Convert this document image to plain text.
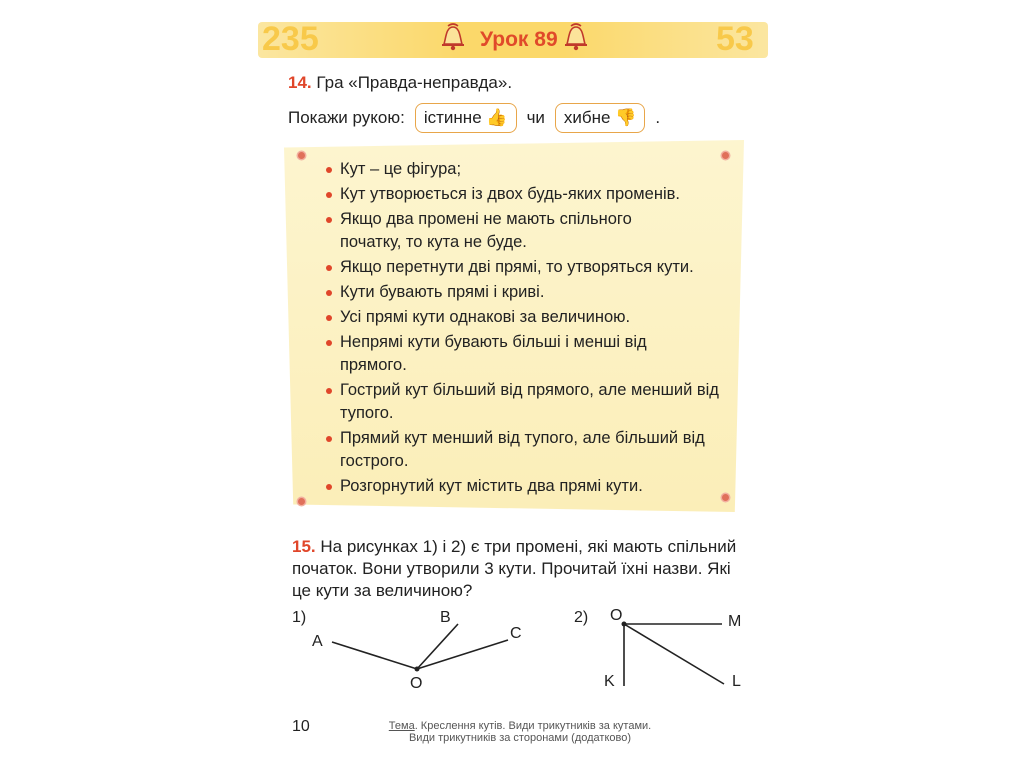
235	53
Урок 89
14. Гра «Правда-неправда».
Покажи рукою:	істинне 👍	чи	хибне 👎	.
Кут – це фігура;
Кут утворюється із двох будь-яких променів.
Якщо два промені не мають спільного початку, то кута не буде.
Якщо перетнути дві прямі, то утворяться кути.
Кути бувають прямі і криві.
Усі прямі кути однакові за величиною.
Непрямі кути бувають більші і менші від прямого.
Гострий кут більший від прямого, але менший від тупого.
Прямий кут менший від тупого, але більший від гострого.
Розгорнутий кут містить два прямі кути.
15. На рисунках 1) і 2) є три промені, які мають спільний
початок. Вони утворили 3 кути. Прочитай їхні назви. Які
це кути за величиною?
1)
A
B
C
O
2) O	M
K	L
10	Тема. Креслення кутів. Види трикутників за кутами.
Види трикутників за сторонами (додатково)
